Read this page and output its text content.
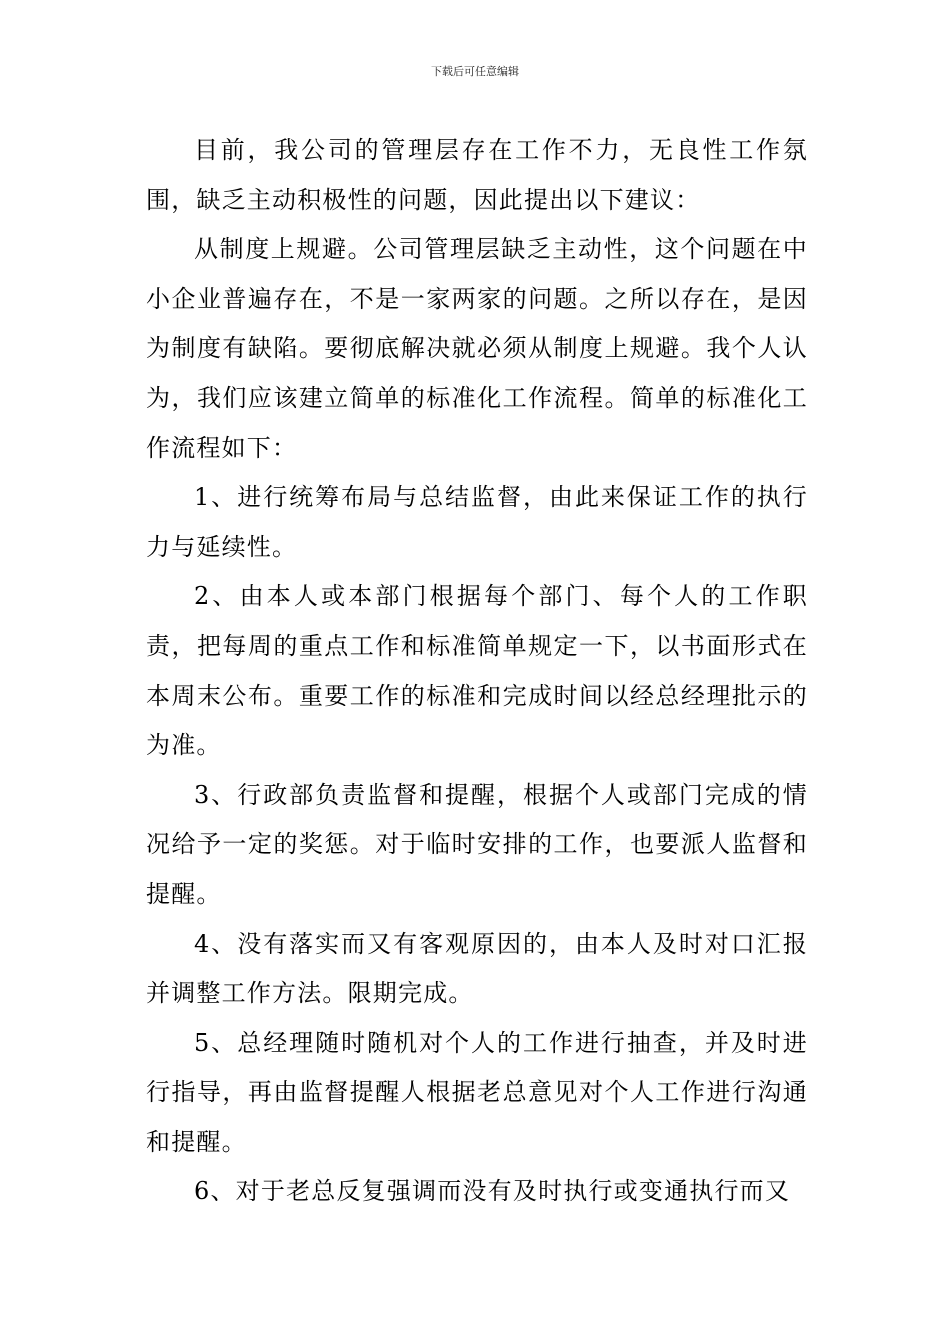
下载后可任意编辑

目前，我公司的管理层存在工作不力，无良性工作氛围，缺乏主动积极性的问题，因此提出以下建议：

从制度上规避。公司管理层缺乏主动性，这个问题在中小企业普遍存在，不是一家两家的问题。之所以存在，是因为制度有缺陷。要彻底解决就必须从制度上规避。我个人认为，我们应该建立简单的标准化工作流程。简单的标准化工作流程如下：

1、进行统筹布局与总结监督，由此来保证工作的执行力与延续性。

2、由本人或本部门根据每个部门、每个人的工作职责，把每周的重点工作和标准简单规定一下，以书面形式在本周末公布。重要工作的标准和完成时间以经总经理批示的为准。

3、行政部负责监督和提醒，根据个人或部门完成的情况给予一定的奖惩。对于临时安排的工作，也要派人监督和提醒。

4、没有落实而又有客观原因的，由本人及时对口汇报并调整工作方法。限期完成。

5、总经理随时随机对个人的工作进行抽查，并及时进行指导，再由监督提醒人根据老总意见对个人工作进行沟通和提醒。

6、对于老总反复强调而没有及时执行或变通执行而又
